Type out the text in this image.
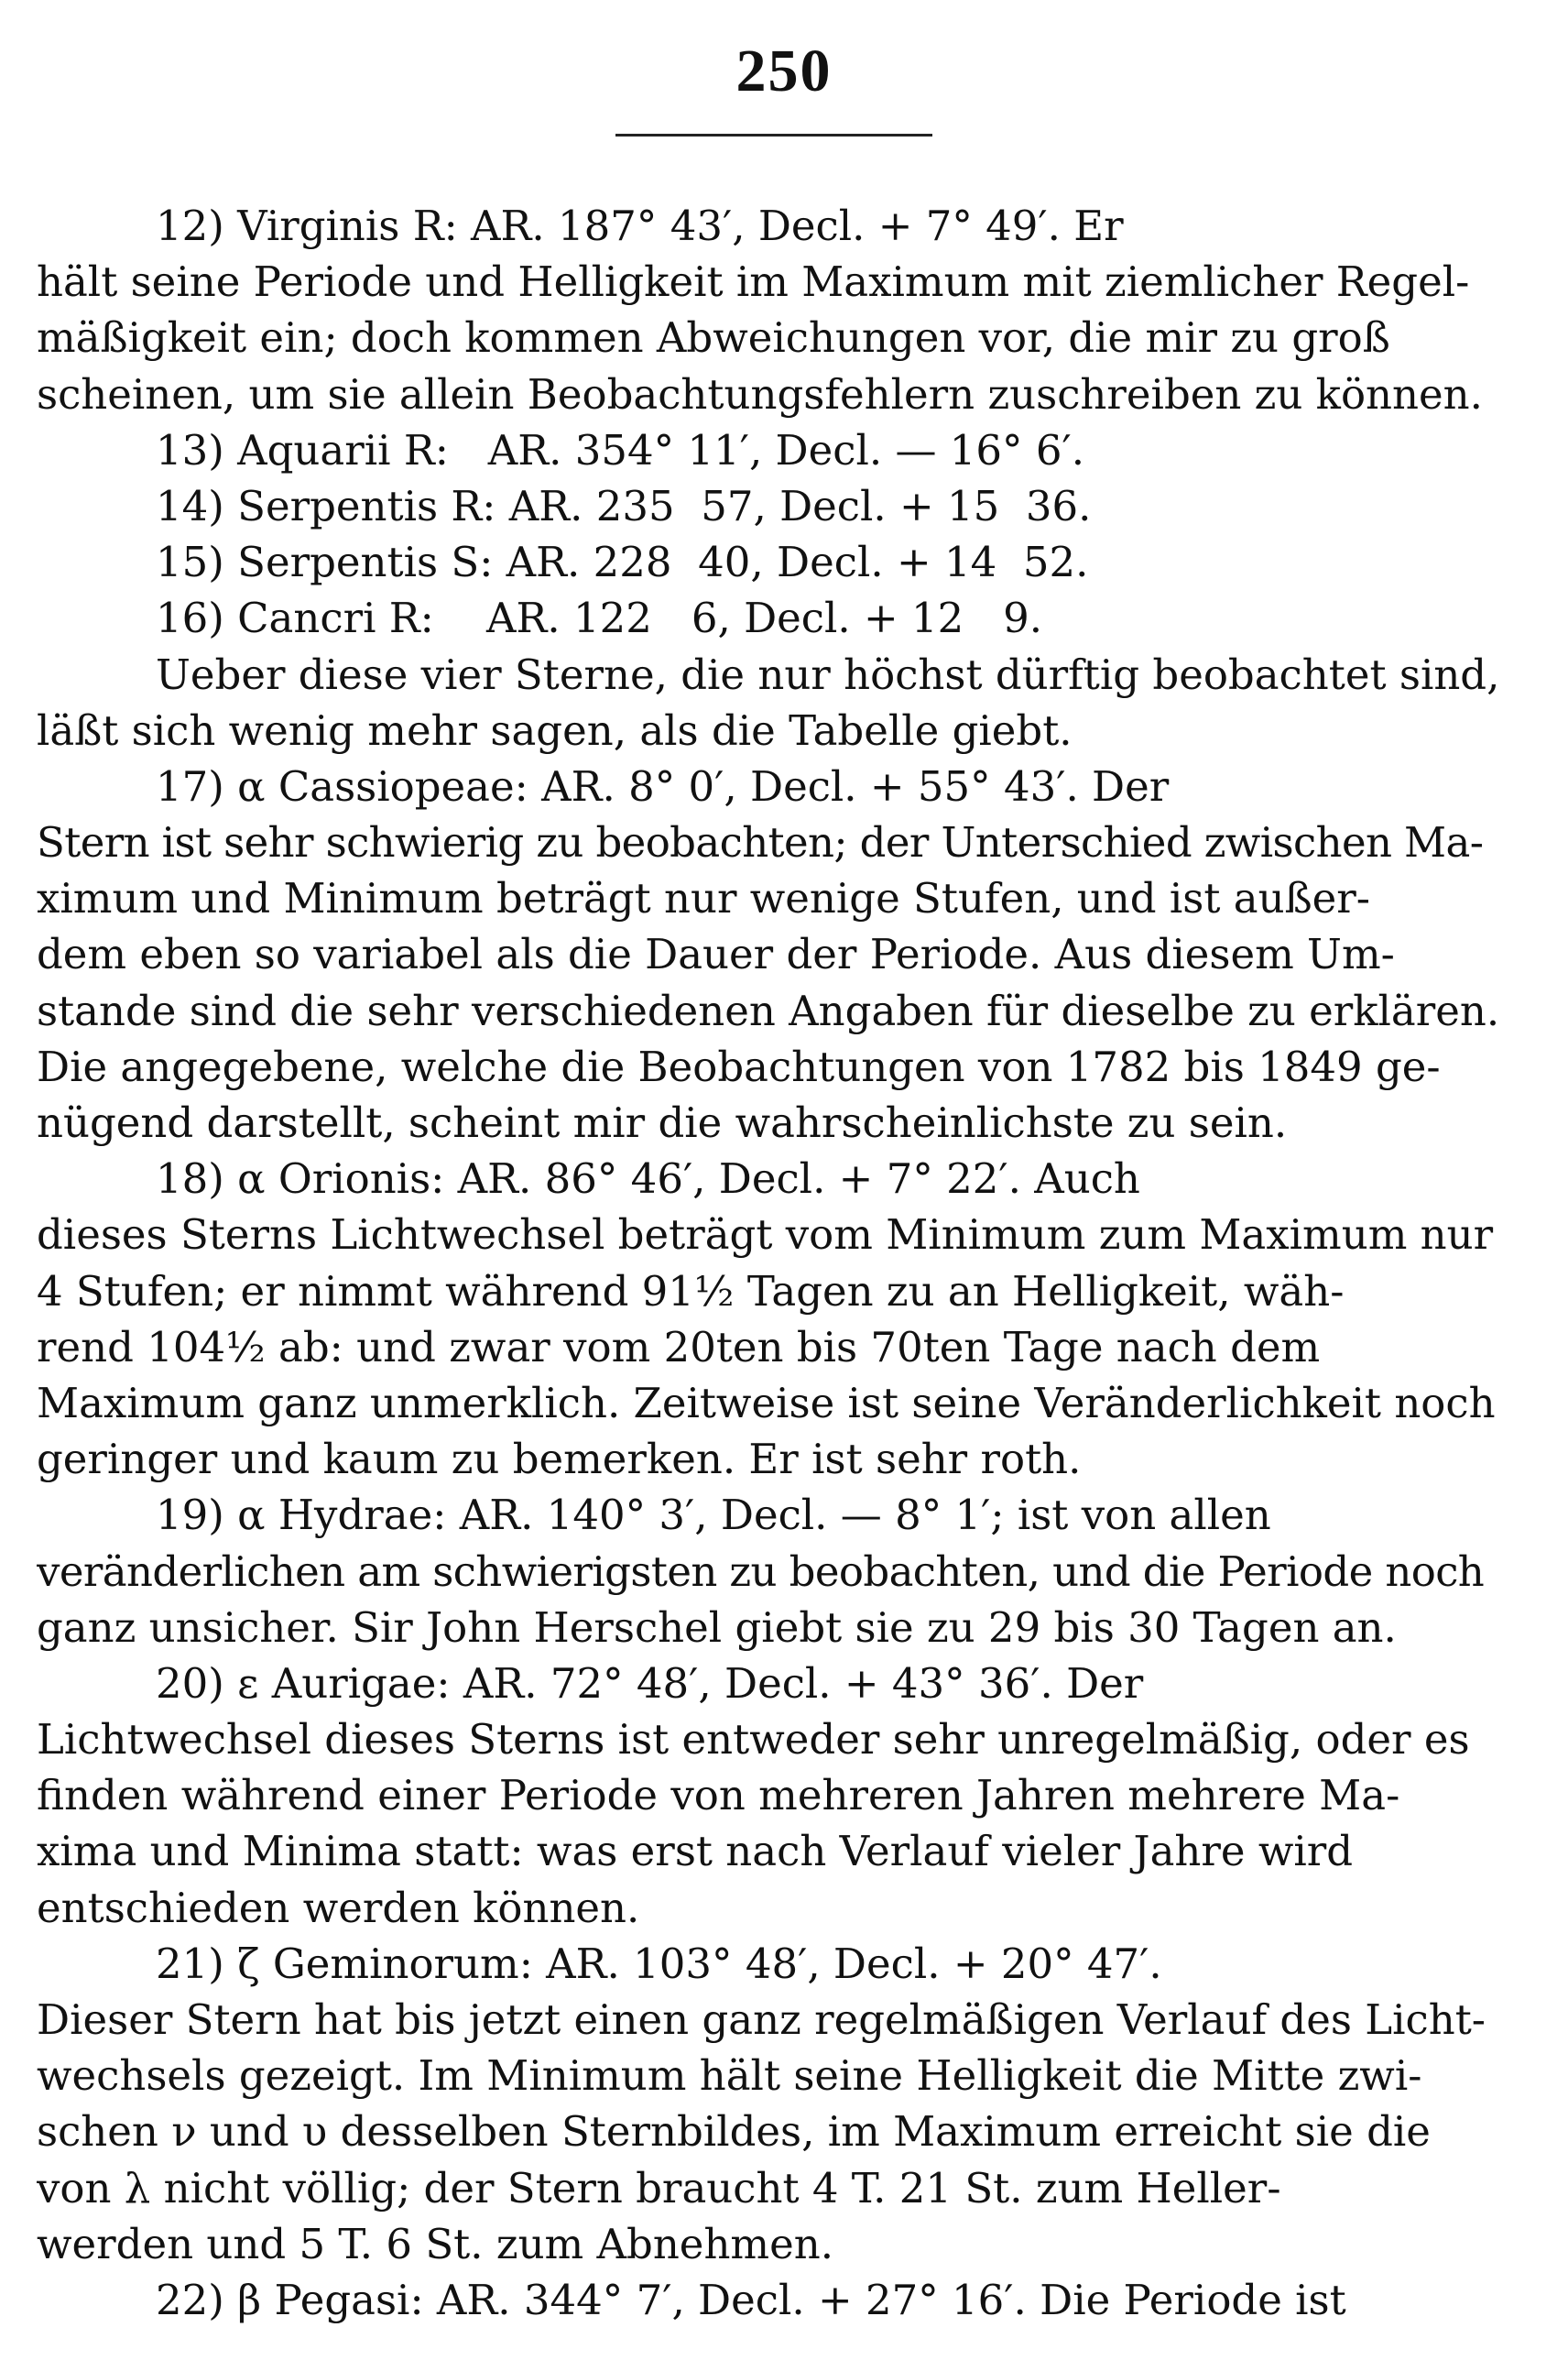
250
12) Virginis R: AR. 187° 43′, Decl. + 7° 49′. Er
hält seine Periode und Helligkeit im Maximum mit ziemlicher Regel-
mäßigkeit ein; doch kommen Abweichungen vor, die mir zu groß
scheinen, um sie allein Beobachtungsfehlern zuschreiben zu können.
13) Aquarii R:   AR. 354° 11′, Decl. — 16° 6′.
14) Serpentis R: AR. 235  57, Decl. + 15  36.
15) Serpentis S: AR. 228  40, Decl. + 14  52.
16) Cancri R:    AR. 122   6, Decl. + 12   9.
Ueber diese vier Sterne, die nur höchst dürftig beobachtet sind,
läßt sich wenig mehr sagen, als die Tabelle giebt.
17) α Cassiopeae: AR. 8° 0′, Decl. + 55° 43′. Der
Stern ist sehr schwierig zu beobachten; der Unterschied zwischen Ma-
ximum und Minimum beträgt nur wenige Stufen, und ist außer-
dem eben so variabel als die Dauer der Periode. Aus diesem Um-
stande sind die sehr verschiedenen Angaben für dieselbe zu erklären.
Die angegebene, welche die Beobachtungen von 1782 bis 1849 ge-
nügend darstellt, scheint mir die wahrscheinlichste zu sein.
18) α Orionis: AR. 86° 46′, Decl. + 7° 22′. Auch
dieses Sterns Lichtwechsel beträgt vom Minimum zum Maximum nur
4 Stufen; er nimmt während 91½ Tagen zu an Helligkeit, wäh-
rend 104½ ab: und zwar vom 20ten bis 70ten Tage nach dem
Maximum ganz unmerklich. Zeitweise ist seine Veränderlichkeit noch
geringer und kaum zu bemerken. Er ist sehr roth.
19) α Hydrae: AR. 140° 3′, Decl. — 8° 1′; ist von allen
veränderlichen am schwierigsten zu beobachten, und die Periode noch
ganz unsicher. Sir John Herschel giebt sie zu 29 bis 30 Tagen an.
20) ε Aurigae: AR. 72° 48′, Decl. + 43° 36′. Der
Lichtwechsel dieses Sterns ist entweder sehr unregelmäßig, oder es
finden während einer Periode von mehreren Jahren mehrere Ma-
xima und Minima statt: was erst nach Verlauf vieler Jahre wird
entschieden werden können.
21) ζ Geminorum: AR. 103° 48′, Decl. + 20° 47′.
Dieser Stern hat bis jetzt einen ganz regelmäßigen Verlauf des Licht-
wechsels gezeigt. Im Minimum hält seine Helligkeit die Mitte zwi-
schen ν und υ desselben Sternbildes, im Maximum erreicht sie die
von λ nicht völlig; der Stern braucht 4 T. 21 St. zum Heller-
werden und 5 T. 6 St. zum Abnehmen.
22) β Pegasi: AR. 344° 7′, Decl. + 27° 16′. Die Periode ist
